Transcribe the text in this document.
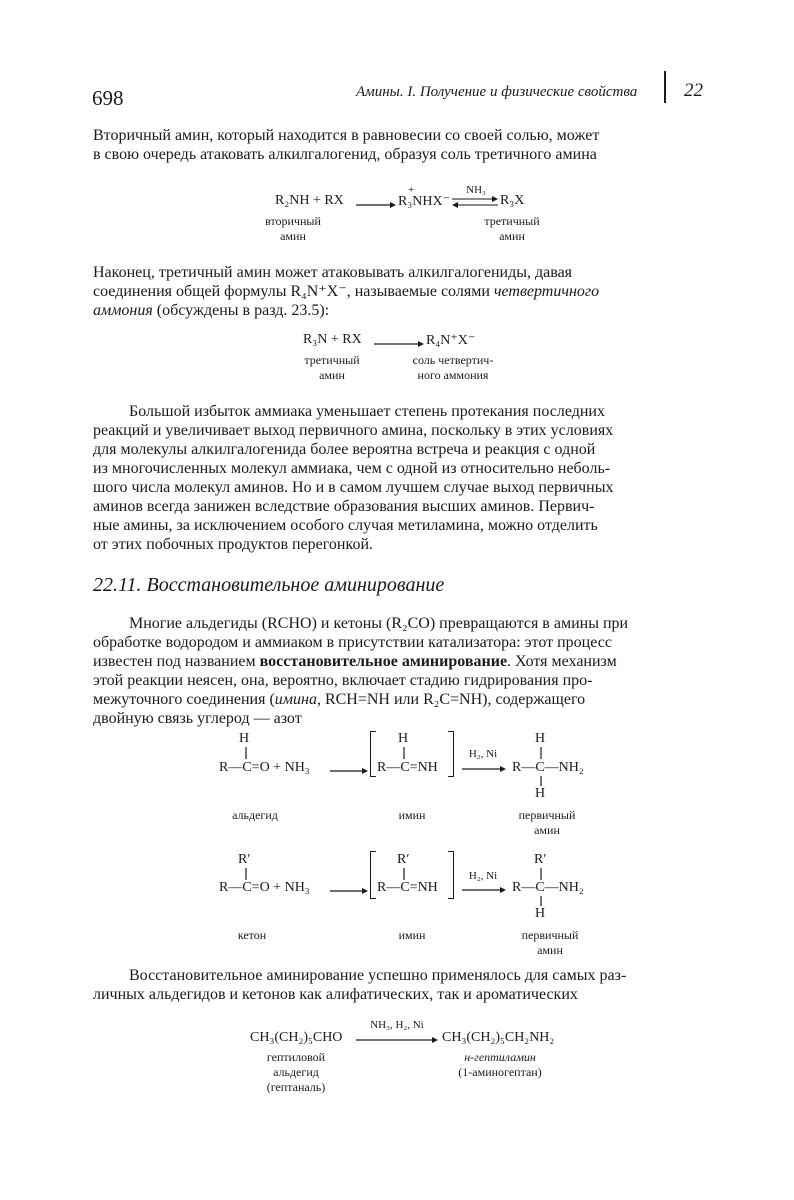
698	Амины. I. Получение и физические свойства 22
Вторичный амин, который находится в равновесии со своей солью, может
в свою очередь атаковать алкилгалогенид, образуя соль третичного амина
R₂NH + RX
+
R₃NHX⁻
NH₃
R₃X
вторичный
амин
третичный
амин
Наконец, третичный амин может атаковывать алкилгалогениды, давая
соединения общей формулы R₄N⁺X⁻, называемые солями четвертичного
аммония (обсуждены в разд. 23.5):
R₃N + RX	R₄N⁺X⁻
третичный
амин
соль четвертич-
ного аммония
Большой избыток аммиака уменьшает степень протекания последних
реакций и увеличивает выход первичного амина, поскольку в этих условиях
для молекулы алкилгалогенида более вероятна встреча и реакция с одной
из многочисленных молекул аммиака, чем с одной из относительно неболь-
шого числа молекул аминов. Но и в самом лучшем случае выход первичных
аминов всегда занижен вследствие образования высших аминов. Первич-
ные амины, за исключением особого случая метиламина, можно отделить
от этих побочных продуктов перегонкой.
22.11. Восстановительное аминирование
Многие альдегиды (RCHO) и кетоны (R₂CO) превращаются в амины при
обработке водородом и аммиаком в присутствии катализатора: этот процесс
известен под названием восстановительное аминирование. Хотя механизм
этой реакции неясен, она, вероятно, включает стадию гидрирования про-
межуточного соединения (имина, RCH=NH или R₂C=NH), содержащего
двойную связь углерод — азот
H
R—C=O + NH₃
H
R—C=NH
H₂, Ni
H
R—C—NH₂
H
альдегид	имин	первичный
амин
R′
R—C=O + NH₃
R′
R—C=NH
H₂, Ni
R′
R—C—NH₂
H
кетон	имин	первичный
амин
Восстановительное аминирование успешно применялось для самых раз-
личных альдегидов и кетонов как алифатических, так и ароматических
CH₃(CH₂)₅CHO
NH₃, H₂, Ni
CH₃(CH₂)₅CH₂NH₂
гептиловой
альдегид
(гептаналь)
н-гептиламин
(1-аминогептан)
